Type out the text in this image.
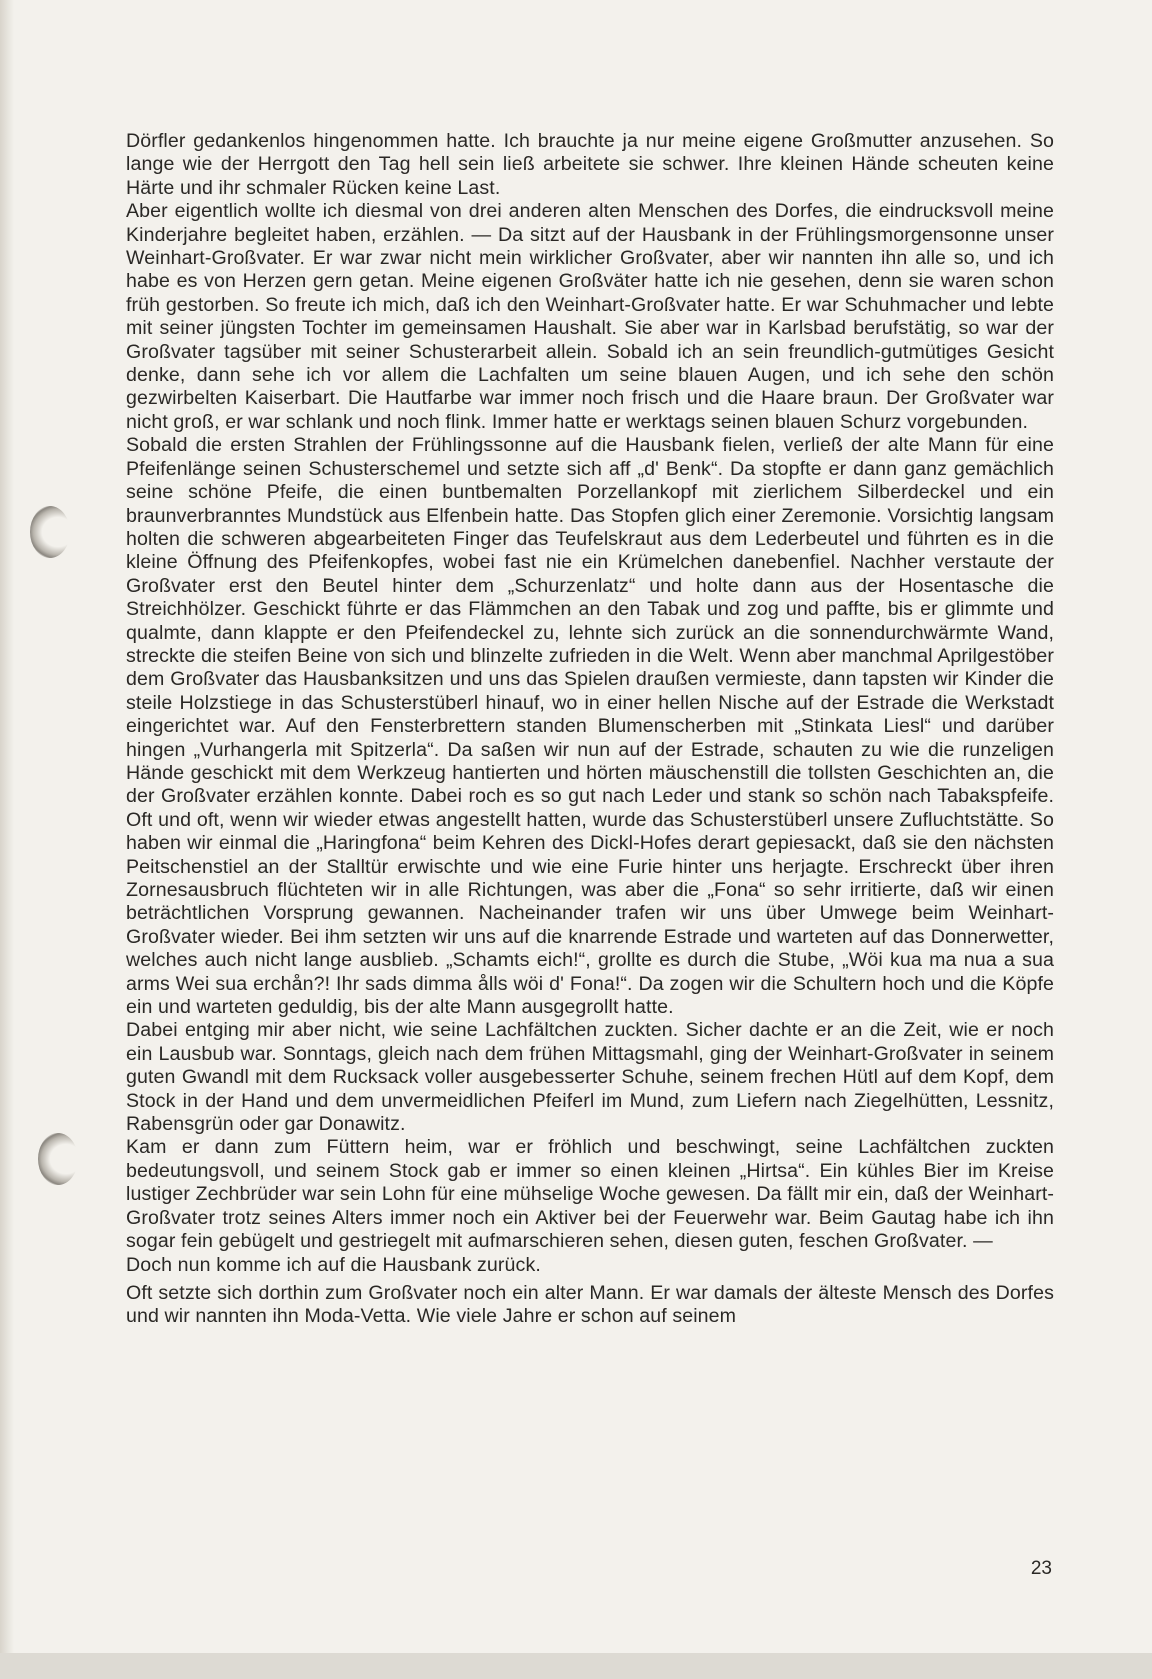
Dörfler gedankenlos hingenommen hatte. Ich brauchte ja nur meine eigene Großmutter anzusehen. So lange wie der Herrgott den Tag hell sein ließ arbeitete sie schwer. Ihre kleinen Hände scheuten keine Härte und ihr schmaler Rücken keine Last.

Aber eigentlich wollte ich diesmal von drei anderen alten Menschen des Dorfes, die eindrucksvoll meine Kinderjahre begleitet haben, erzählen. — Da sitzt auf der Hausbank in der Frühlingsmorgensonne unser Weinhart-Großvater. Er war zwar nicht mein wirklicher Großvater, aber wir nannten ihn alle so, und ich habe es von Herzen gern getan. Meine eigenen Großväter hatte ich nie gesehen, denn sie waren schon früh gestorben. So freute ich mich, daß ich den Weinhart-Großvater hatte. Er war Schuhmacher und lebte mit seiner jüngsten Tochter im gemeinsamen Haushalt. Sie aber war in Karlsbad berufstätig, so war der Großvater tagsüber mit seiner Schusterarbeit allein. Sobald ich an sein freundlich-gutmütiges Gesicht denke, dann sehe ich vor allem die Lachfalten um seine blauen Augen, und ich sehe den schön gezwirbelten Kaiserbart. Die Hautfarbe war immer noch frisch und die Haare braun. Der Großvater war nicht groß, er war schlank und noch flink. Immer hatte er werktags seinen blauen Schurz vorgebunden.

Sobald die ersten Strahlen der Frühlingssonne auf die Hausbank fielen, verließ der alte Mann für eine Pfeifenlänge seinen Schusterschemel und setzte sich aff „d' Benk“. Da stopfte er dann ganz gemächlich seine schöne Pfeife, die einen buntbemalten Porzellankopf mit zierlichem Silberdeckel und ein braunverbranntes Mundstück aus Elfenbein hatte. Das Stopfen glich einer Zeremonie. Vorsichtig langsam holten die schweren abgearbeiteten Finger das Teufelskraut aus dem Lederbeutel und führten es in die kleine Öffnung des Pfeifenkopfes, wobei fast nie ein Krümelchen danebenfiel. Nachher verstaute der Großvater erst den Beutel hinter dem „Schurzenlatz“ und holte dann aus der Hosentasche die Streichhölzer. Geschickt führte er das Flämmchen an den Tabak und zog und paffte, bis er glimmte und qualmte, dann klappte er den Pfeifendeckel zu, lehnte sich zurück an die sonnendurchwärmte Wand, streckte die steifen Beine von sich und blinzelte zufrieden in die Welt. Wenn aber manchmal Aprilgestöber dem Großvater das Hausbanksitzen und uns das Spielen draußen vermieste, dann tapsten wir Kinder die steile Holzstiege in das Schusterstüberl hinauf, wo in einer hellen Nische auf der Estrade die Werkstadt eingerichtet war. Auf den Fensterbrettern standen Blumenscherben mit „Stinkata Liesl“ und darüber hingen „Vurhangerla mit Spitzerla“. Da saßen wir nun auf der Estrade, schauten zu wie die runzeligen Hände geschickt mit dem Werkzeug hantierten und hörten mäuschenstill die tollsten Geschichten an, die der Großvater erzählen konnte. Dabei roch es so gut nach Leder und stank so schön nach Tabakspfeife. Oft und oft, wenn wir wieder etwas angestellt hatten, wurde das Schusterstüberl unsere Zufluchtstätte. So haben wir einmal die „Haringfona“ beim Kehren des Dickl-Hofes derart gepiesackt, daß sie den nächsten Peitschenstiel an der Stalltür erwischte und wie eine Furie hinter uns herjagte. Erschreckt über ihren Zornesausbruch flüchteten wir in alle Richtungen, was aber die „Fona“ so sehr irritierte, daß wir einen beträchtlichen Vorsprung gewannen. Nacheinander trafen wir uns über Umwege beim Weinhart-Großvater wieder. Bei ihm setzten wir uns auf die knarrende Estrade und warteten auf das Donnerwetter, welches auch nicht lange ausblieb. „Schamts eich!“, grollte es durch die Stube, „Wöi kua ma nua a sua arms Wei sua erchån?! Ihr sads dimma ålls wöi d' Fona!“. Da zogen wir die Schultern hoch und die Köpfe ein und warteten geduldig, bis der alte Mann ausgegrollt hatte.

Dabei entging mir aber nicht, wie seine Lachfältchen zuckten. Sicher dachte er an die Zeit, wie er noch ein Lausbub war. Sonntags, gleich nach dem frühen Mittagsmahl, ging der Weinhart-Großvater in seinem guten Gwandl mit dem Rucksack voller ausgebesserter Schuhe, seinem frechen Hütl auf dem Kopf, dem Stock in der Hand und dem unvermeidlichen Pfeiferl im Mund, zum Liefern nach Ziegelhütten, Lessnitz, Rabensgrün oder gar Donawitz.

Kam er dann zum Füttern heim, war er fröhlich und beschwingt, seine Lachfältchen zuckten bedeutungsvoll, und seinem Stock gab er immer so einen kleinen „Hirtsa“. Ein kühles Bier im Kreise lustiger Zechbrüder war sein Lohn für eine mühselige Woche gewesen. Da fällt mir ein, daß der Weinhart-Großvater trotz seines Alters immer noch ein Aktiver bei der Feuerwehr war. Beim Gautag habe ich ihn sogar fein gebügelt und gestriegelt mit aufmarschieren sehen, diesen guten, feschen Großvater. —

Doch nun komme ich auf die Hausbank zurück.

Oft setzte sich dorthin zum Großvater noch ein alter Mann. Er war damals der älteste Mensch des Dorfes und wir nannten ihn Moda-Vetta. Wie viele Jahre er schon auf seinem

23
